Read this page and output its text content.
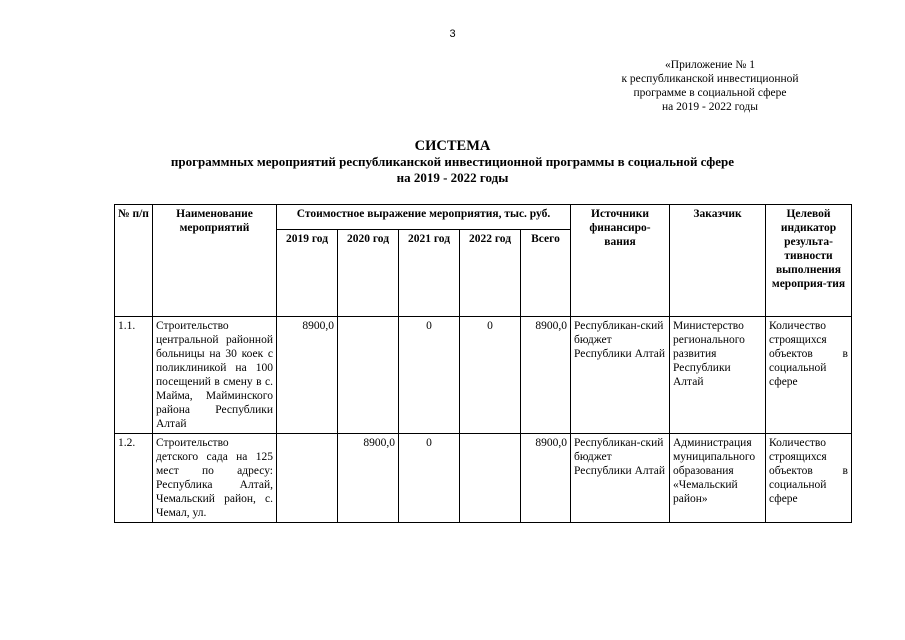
3
«Приложение № 1
к республиканской инвестиционной
программе в социальной сфере
на 2019 - 2022 годы
СИСТЕМА
программных мероприятий республиканской инвестиционной программы в социальной сфере
на 2019 - 2022 годы
№ п/п	Наименование мероприятий	Стоимостное выражение мероприятия, тыс. руб.					Источники финансиро-вания	Заказчик	Целевой индикатор результа-тивности выполнения мероприя-тия
		2019 год	2020 год	2021 год	2022 год	Всего			
1.1.	Строительство центральной районной больницы на 30 коек с поликлиникой на 100 посещений в смену в с. Майма, Майминского района Республики Алтай	8900,0		0	0	8900,0	Республикан-ский бюджет Республики Алтай	Министерство регионального развития Республики Алтай	Количество строящихся объектов в социальной сфере
1.2.	Строительство детского сада на 125 мест по адресу: Республика Алтай, Чемальский район, с. Чемал, ул.		8900,0	0		8900,0	Республикан-ский бюджет Республики Алтай	Администрация муниципального образования «Чемальский район»	Количество строящихся объектов в социальной сфере
